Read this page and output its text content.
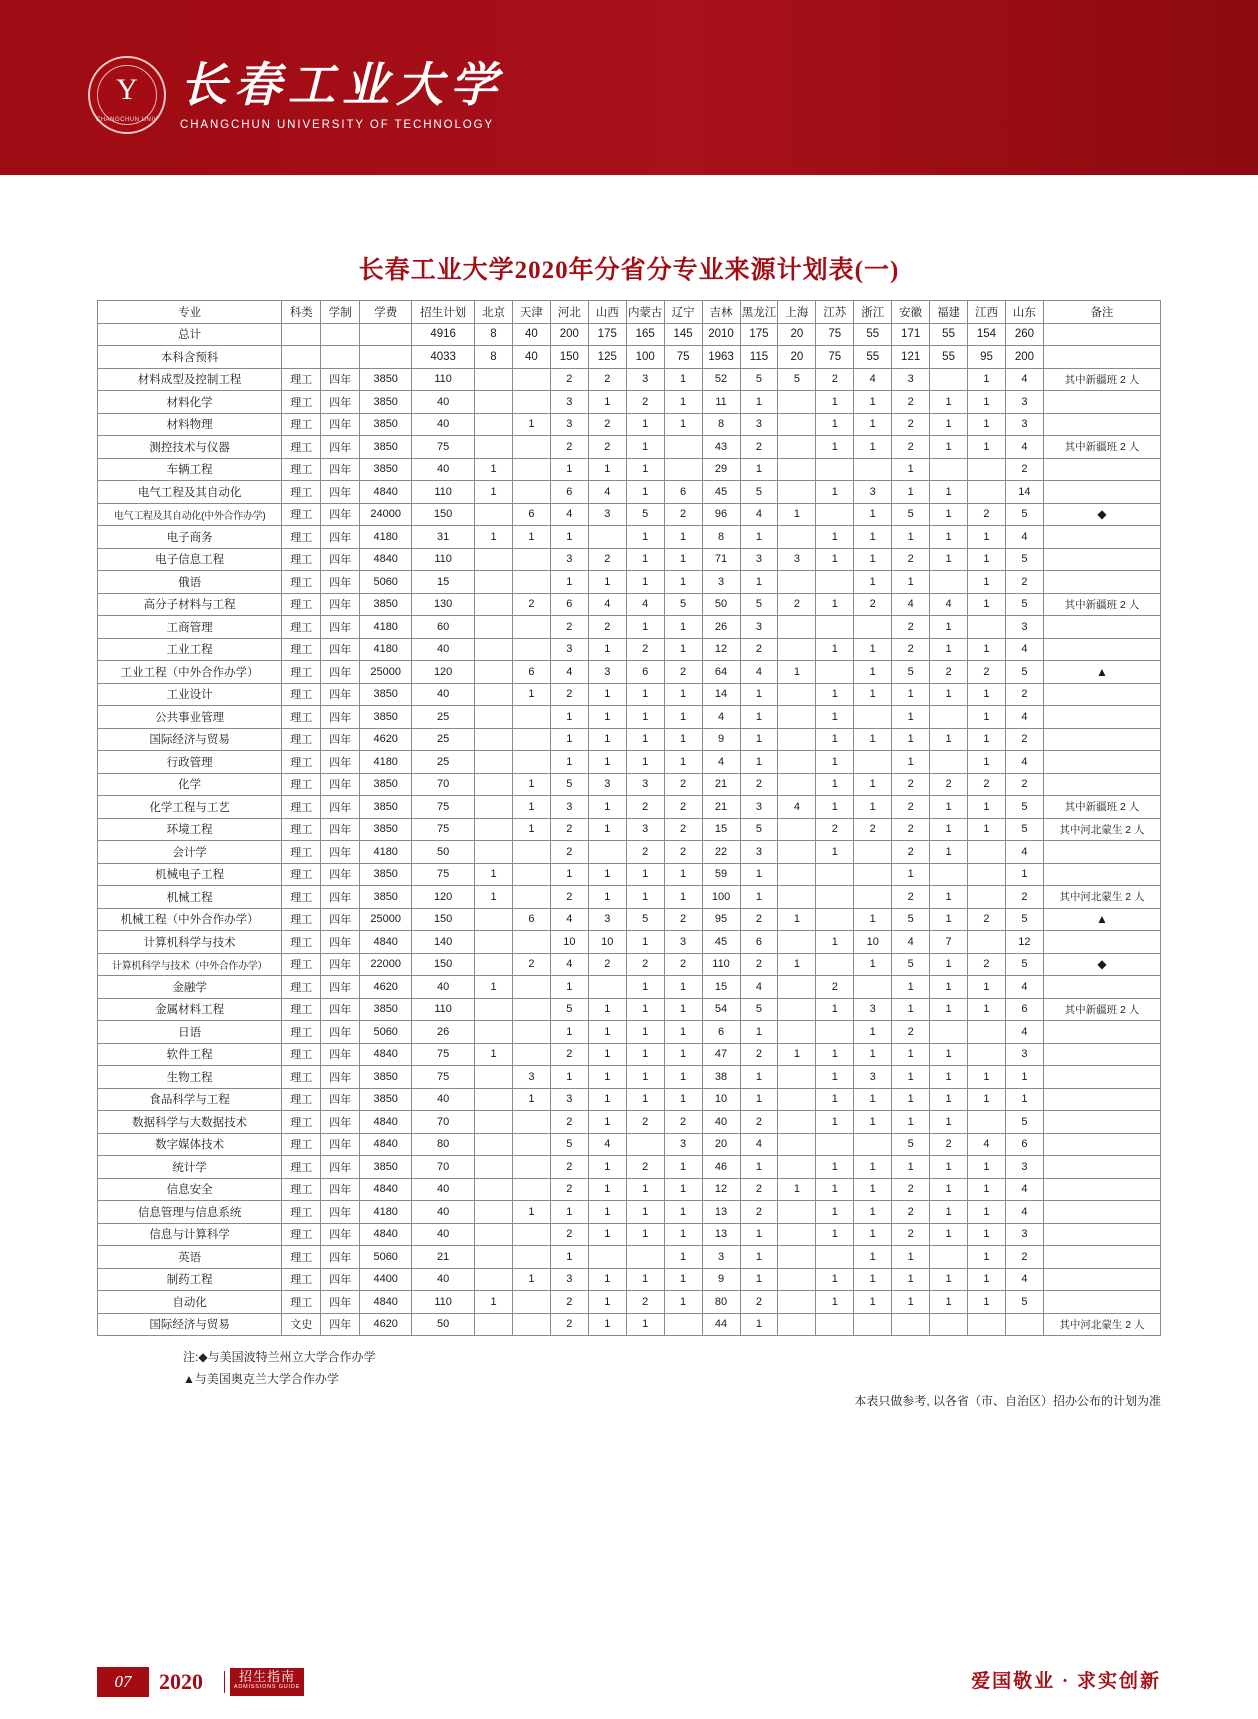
Y
CHANGCHUN UNIV
长春工业大学
CHANGCHUN UNIVERSITY OF TECHNOLOGY
长春工业大学2020年分省分专业来源计划表(一)
专业	科类	学制	学费	招生计划	北京	天津	河北	山西	内蒙古	辽宁	吉林	黑龙江	上海	江苏	浙江	安徽	福建	江西	山东	备注
总计				4916	8	40	200	175	165	145	2010	175	20	75	55	171	55	154	260	
本科含预科				4033	8	40	150	125	100	75	1963	115	20	75	55	121	55	95	200	
材料成型及控制工程	理工	四年	3850	110			2	2	3	1	52	5	5	2	4	3		1	4	其中新疆班 2 人
材料化学	理工	四年	3850	40			3	1	2	1	11	1		1	1	2	1	1	3	
材料物理	理工	四年	3850	40		1	3	2	1	1	8	3		1	1	2	1	1	3	
测控技术与仪器	理工	四年	3850	75			2	2	1		43	2		1	1	2	1	1	4	其中新疆班 2 人
车辆工程	理工	四年	3850	40	1		1	1	1		29	1				1			2	
电气工程及其自动化	理工	四年	4840	110	1		6	4	1	6	45	5		1	3	1	1		14	
电气工程及其自动化(中外合作办学)	理工	四年	24000	150		6	4	3	5	2	96	4	1		1	5	1	2	5	◆
电子商务	理工	四年	4180	31	1	1	1		1	1	8	1		1	1	1	1	1	4	
电子信息工程	理工	四年	4840	110			3	2	1	1	71	3	3	1	1	2	1	1	5	
俄语	理工	四年	5060	15			1	1	1	1	3	1			1	1		1	2	
高分子材料与工程	理工	四年	3850	130		2	6	4	4	5	50	5	2	1	2	4	4	1	5	其中新疆班 2 人
工商管理	理工	四年	4180	60			2	2	1	1	26	3				2	1		3	
工业工程	理工	四年	4180	40			3	1	2	1	12	2		1	1	2	1	1	4	
工业工程（中外合作办学）	理工	四年	25000	120		6	4	3	6	2	64	4	1		1	5	2	2	5	▲
工业设计	理工	四年	3850	40		1	2	1	1	1	14	1		1	1	1	1	1	2	
公共事业管理	理工	四年	3850	25			1	1	1	1	4	1		1		1		1	4	
国际经济与贸易	理工	四年	4620	25			1	1	1	1	9	1		1	1	1	1	1	2	
行政管理	理工	四年	4180	25			1	1	1	1	4	1		1		1		1	4	
化学	理工	四年	3850	70		1	5	3	3	2	21	2		1	1	2	2	2	2	
化学工程与工艺	理工	四年	3850	75		1	3	1	2	2	21	3	4	1	1	2	1	1	5	其中新疆班 2 人
环境工程	理工	四年	3850	75		1	2	1	3	2	15	5		2	2	2	1	1	5	其中河北蒙生 2 人
会计学	理工	四年	4180	50			2		2	2	22	3		1		2	1		4	
机械电子工程	理工	四年	3850	75	1		1	1	1	1	59	1				1			1	
机械工程	理工	四年	3850	120	1		2	1	1	1	100	1				2	1		2	其中河北蒙生 2 人
机械工程（中外合作办学）	理工	四年	25000	150		6	4	3	5	2	95	2	1		1	5	1	2	5	▲
计算机科学与技术	理工	四年	4840	140			10	10	1	3	45	6		1	10	4	7		12	
计算机科学与技术（中外合作办学）	理工	四年	22000	150		2	4	2	2	2	110	2	1		1	5	1	2	5	◆
金融学	理工	四年	4620	40	1		1		1	1	15	4		2		1	1	1	4	
金属材料工程	理工	四年	3850	110			5	1	1	1	54	5		1	3	1	1	1	6	其中新疆班 2 人
日语	理工	四年	5060	26			1	1	1	1	6	1			1	2			4	
软件工程	理工	四年	4840	75	1		2	1	1	1	47	2	1	1	1	1	1		3	
生物工程	理工	四年	3850	75		3	1	1	1	1	38	1		1	3	1	1	1	1	
食品科学与工程	理工	四年	3850	40		1	3	1	1	1	10	1		1	1	1	1	1	1	
数据科学与大数据技术	理工	四年	4840	70			2	1	2	2	40	2		1	1	1	1		5	
数字媒体技术	理工	四年	4840	80			5	4		3	20	4				5	2	4	6	
统计学	理工	四年	3850	70			2	1	2	1	46	1		1	1	1	1	1	3	
信息安全	理工	四年	4840	40			2	1	1	1	12	2	1	1	1	2	1	1	4	
信息管理与信息系统	理工	四年	4180	40		1	1	1	1	1	13	2		1	1	2	1	1	4	
信息与计算科学	理工	四年	4840	40			2	1	1	1	13	1		1	1	2	1	1	3	
英语	理工	四年	5060	21			1			1	3	1			1	1		1	2	
制药工程	理工	四年	4400	40		1	3	1	1	1	9	1		1	1	1	1	1	4	
自动化	理工	四年	4840	110	1		2	1	2	1	80	2		1	1	1	1	1	5	
国际经济与贸易	文史	四年	4620	50			2	1	1		44	1								其中河北蒙生 2 人
注:◆与美国波特兰州立大学合作办学
▲与美国奥克兰大学合作办学
本表只做参考, 以各省（市、自治区）招办公布的计划为准
07	2020	招生指南
ADMISSIONS GUIDE	爱国敬业 · 求实创新
